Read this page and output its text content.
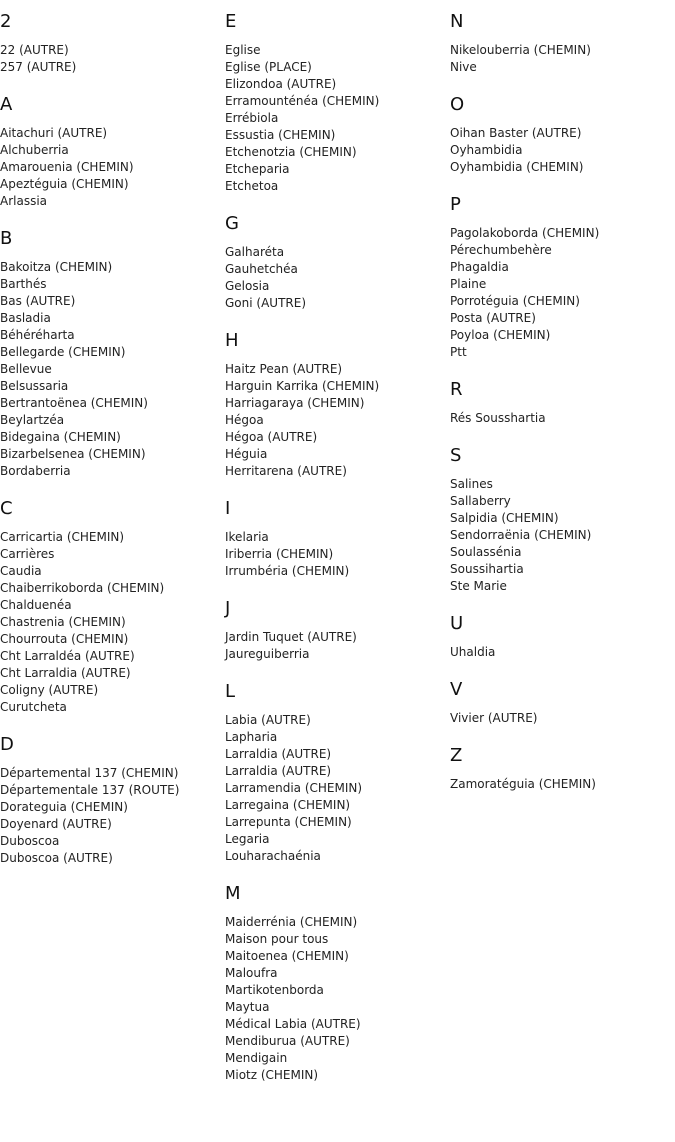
2
22 (AUTRE)
257 (AUTRE)
A
Aitachuri (AUTRE)
Alchuberria
Amarouenia (CHEMIN)
Apeztéguia (CHEMIN)
Arlassia
B
Bakoitza (CHEMIN)
Barthés
Bas (AUTRE)
Basladia
Béhéréharta
Bellegarde (CHEMIN)
Bellevue
Belsussaria
Bertrantoënea (CHEMIN)
Beylartzéa
Bidegaina (CHEMIN)
Bizarbelsenea (CHEMIN)
Bordaberria
C
Carricartia (CHEMIN)
Carrières
Caudia
Chaiberrikoborda (CHEMIN)
Chalduenéa
Chastrenia (CHEMIN)
Chourrouta (CHEMIN)
Cht Larraldéa (AUTRE)
Cht Larraldia (AUTRE)
Coligny (AUTRE)
Curutcheta
D
Départemental 137 (CHEMIN)
Départementale 137 (ROUTE)
Dorateguia (CHEMIN)
Doyenard (AUTRE)
Duboscoa
Duboscoa (AUTRE)
E
Eglise
Eglise (PLACE)
Elizondoa (AUTRE)
Erramounténéa (CHEMIN)
Errébiola
Essustia (CHEMIN)
Etchenotzia (CHEMIN)
Etcheparia
Etchetoa
G
Galharéta
Gauhetchéa
Gelosia
Goni (AUTRE)
H
Haitz Pean (AUTRE)
Harguin Karrika (CHEMIN)
Harriagaraya (CHEMIN)
Hégoa
Hégoa (AUTRE)
Héguia
Herritarena (AUTRE)
I
Ikelaria
Iriberria (CHEMIN)
Irrumbéria (CHEMIN)
J
Jardin Tuquet (AUTRE)
Jaureguiberria
L
Labia (AUTRE)
Lapharia
Larraldia (AUTRE)
Larraldia (AUTRE)
Larramendia (CHEMIN)
Larregaina (CHEMIN)
Larrepunta (CHEMIN)
Legaria
Louharachaénia
M
Maiderrénia (CHEMIN)
Maison pour tous
Maitoenea (CHEMIN)
Maloufra
Martikotenborda
Maytua
Médical Labia (AUTRE)
Mendiburua (AUTRE)
Mendigain
Miotz (CHEMIN)
N
Nikelouberria (CHEMIN)
Nive
O
Oihan Baster (AUTRE)
Oyhambidia
Oyhambidia (CHEMIN)
P
Pagolakoborda (CHEMIN)
Pérechumbehère
Phagaldia
Plaine
Porrotéguia (CHEMIN)
Posta (AUTRE)
Poyloa (CHEMIN)
Ptt
R
Rés Sousshartia
S
Salines
Sallaberry
Salpidia (CHEMIN)
Sendorraënia (CHEMIN)
Soulassénia
Soussihartia
Ste Marie
U
Uhaldia
V
Vivier (AUTRE)
Z
Zamoratéguia (CHEMIN)
